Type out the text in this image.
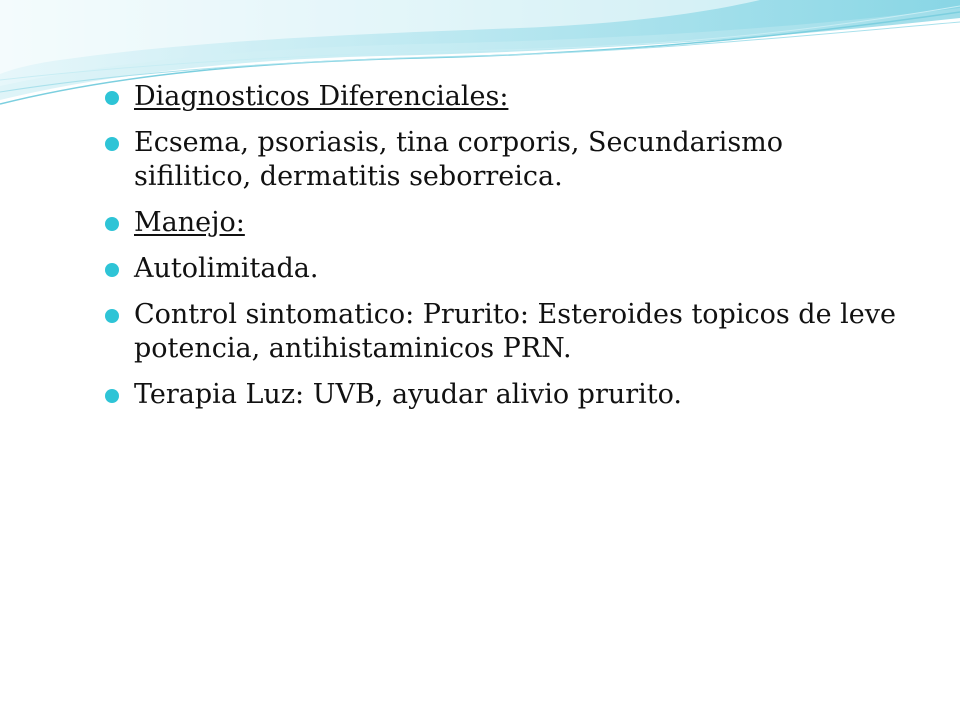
Diagnosticos Diferenciales:
Ecsema, psoriasis, tina corporis, Secundarismo sifilitico, dermatitis seborreica.
Manejo:
Autolimitada.
Control sintomatico: Prurito: Esteroides topicos de leve potencia, antihistaminicos PRN.
Terapia Luz: UVB, ayudar alivio prurito.
